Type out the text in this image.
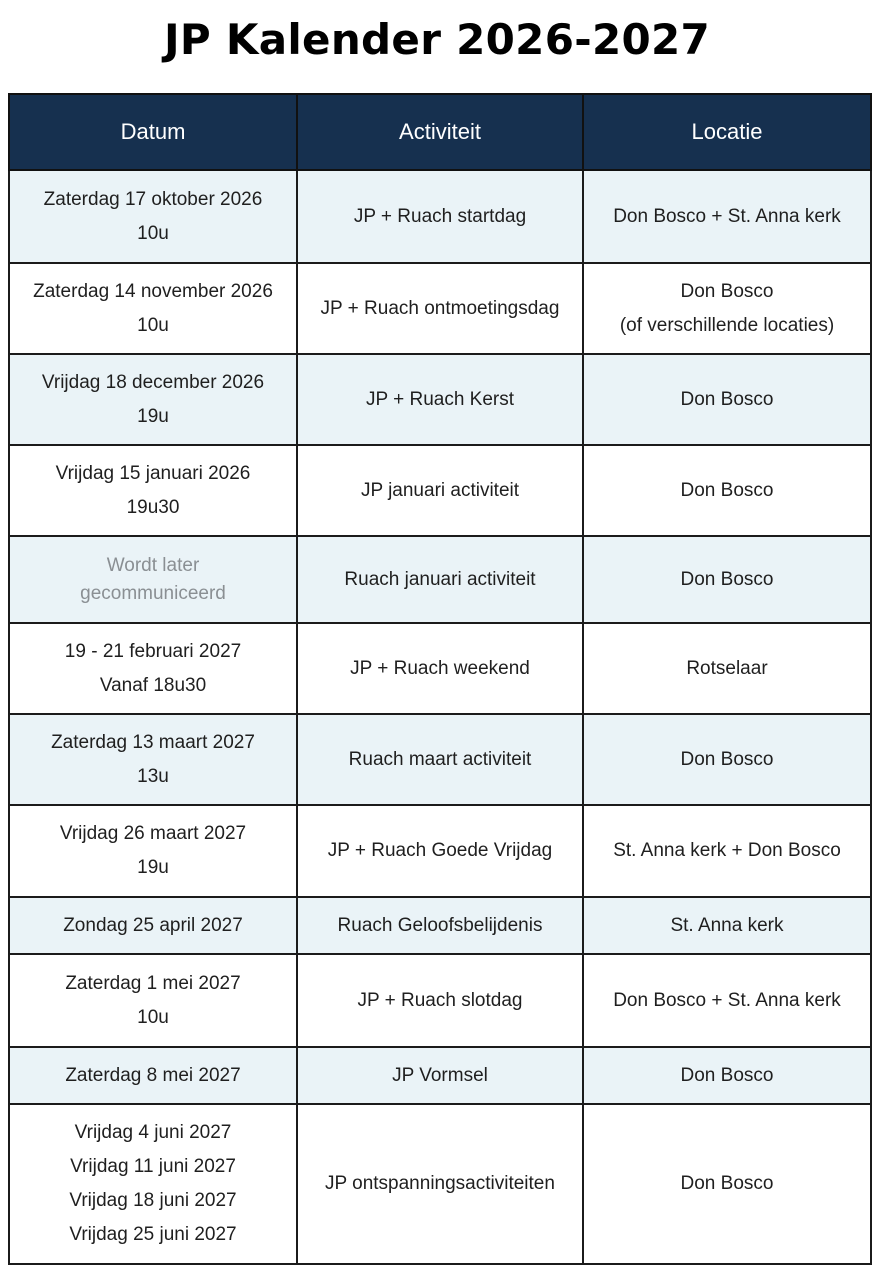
JP Kalender 2026-2027
Datum	Activiteit	Locatie

Zaterdag 17 oktober 2026
10u	JP + Ruach startdag	Don Bosco + St. Anna kerk

Zaterdag 14 november 2026
10u	JP + Ruach ontmoetingsdag	Don Bosco
(of verschillende locaties)

Vrijdag 18 december 2026
19u	JP + Ruach Kerst	Don Bosco

Vrijdag 15 januari 2026
19u30	JP januari activiteit	Don Bosco

Wordt later
gecommuniceerd	Ruach januari activiteit	Don Bosco

19 - 21 februari 2027
Vanaf 18u30	JP + Ruach weekend	Rotselaar

Zaterdag 13 maart 2027
13u	Ruach maart activiteit	Don Bosco

Vrijdag 26 maart 2027
19u	JP + Ruach Goede Vrijdag	St. Anna kerk + Don Bosco

Zondag 25 april 2027	Ruach Geloofsbelijdenis	St. Anna kerk

Zaterdag 1 mei 2027
10u	JP + Ruach slotdag	Don Bosco + St. Anna kerk

Zaterdag 8 mei 2027	JP Vormsel	Don Bosco

Vrijdag 4 juni 2027
Vrijdag 11 juni 2027
Vrijdag 18 juni 2027
Vrijdag 25 juni 2027	JP ontspanningsactiviteiten	Don Bosco
